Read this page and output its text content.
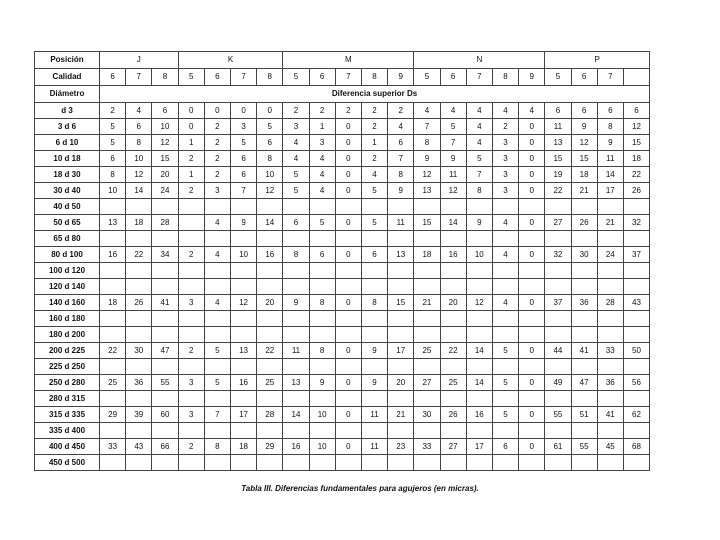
Posición	J			K				M					N					P			
Calidad	6	7	8	5	6	7	8	5	6	7	8	9	5	6	7	8	9	5	6	7	
Diámetro	Diferencia superior Ds																				
d 3	2	4	6	0	0	0	0	2	2	2	2	2	4	4	4	4	4	6	6	6	6
3 d 6	5	6	10	0	2	3	5	3	1	0	2	4	7	5	4	2	0	11	9	8	12
6 d 10	5	8	12	1	2	5	6	4	3	0	1	6	8	7	4	3	0	13	12	9	15
10 d 18	6	10	15	2	2	6	8	4	4	0	2	7	9	9	5	3	0	15	15	11	18
18 d 30	8	12	20	1	2	6	10	5	4	0	4	8	12	11	7	3	0	19	18	14	22
30 d 40	10	14	24	2	3	7	12	5	4	0	5	9	13	12	8	3	0	22	21	17	26
40 d 50																					
50 d 65	13	18	28		4	9	14	6	5	0	5	11	15	14	9	4	0	27	26	21	32
65 d 80																					
80 d 100	16	22	34	2	4	10	16	8	6	0	6	13	18	16	10	4	0	32	30	24	37
100 d 120																					
120 d 140																					
140 d 160	18	26	41	3	4	12	20	9	8	0	8	15	21	20	12	4	0	37	36	28	43
160 d 180																					
180 d 200																					
200 d 225	22	30	47	2	5	13	22	11	8	0	9	17	25	22	14	5	0	44	41	33	50
225 d 250																					
250 d 280	25	36	55	3	5	16	25	13	9	0	9	20	27	25	14	5	0	49	47	36	56
280 d 315																					
315 d 335	29	39	60	3	7	17	28	14	10	0	11	21	30	26	16	5	0	55	51	41	62
335 d 400																					
400 d 450	33	43	66	2	8	18	29	16	10	0	11	23	33	27	17	6	0	61	55	45	68
450 d 500																					
Tabla III. Diferencias fundamentales para agujeros (en micras).
